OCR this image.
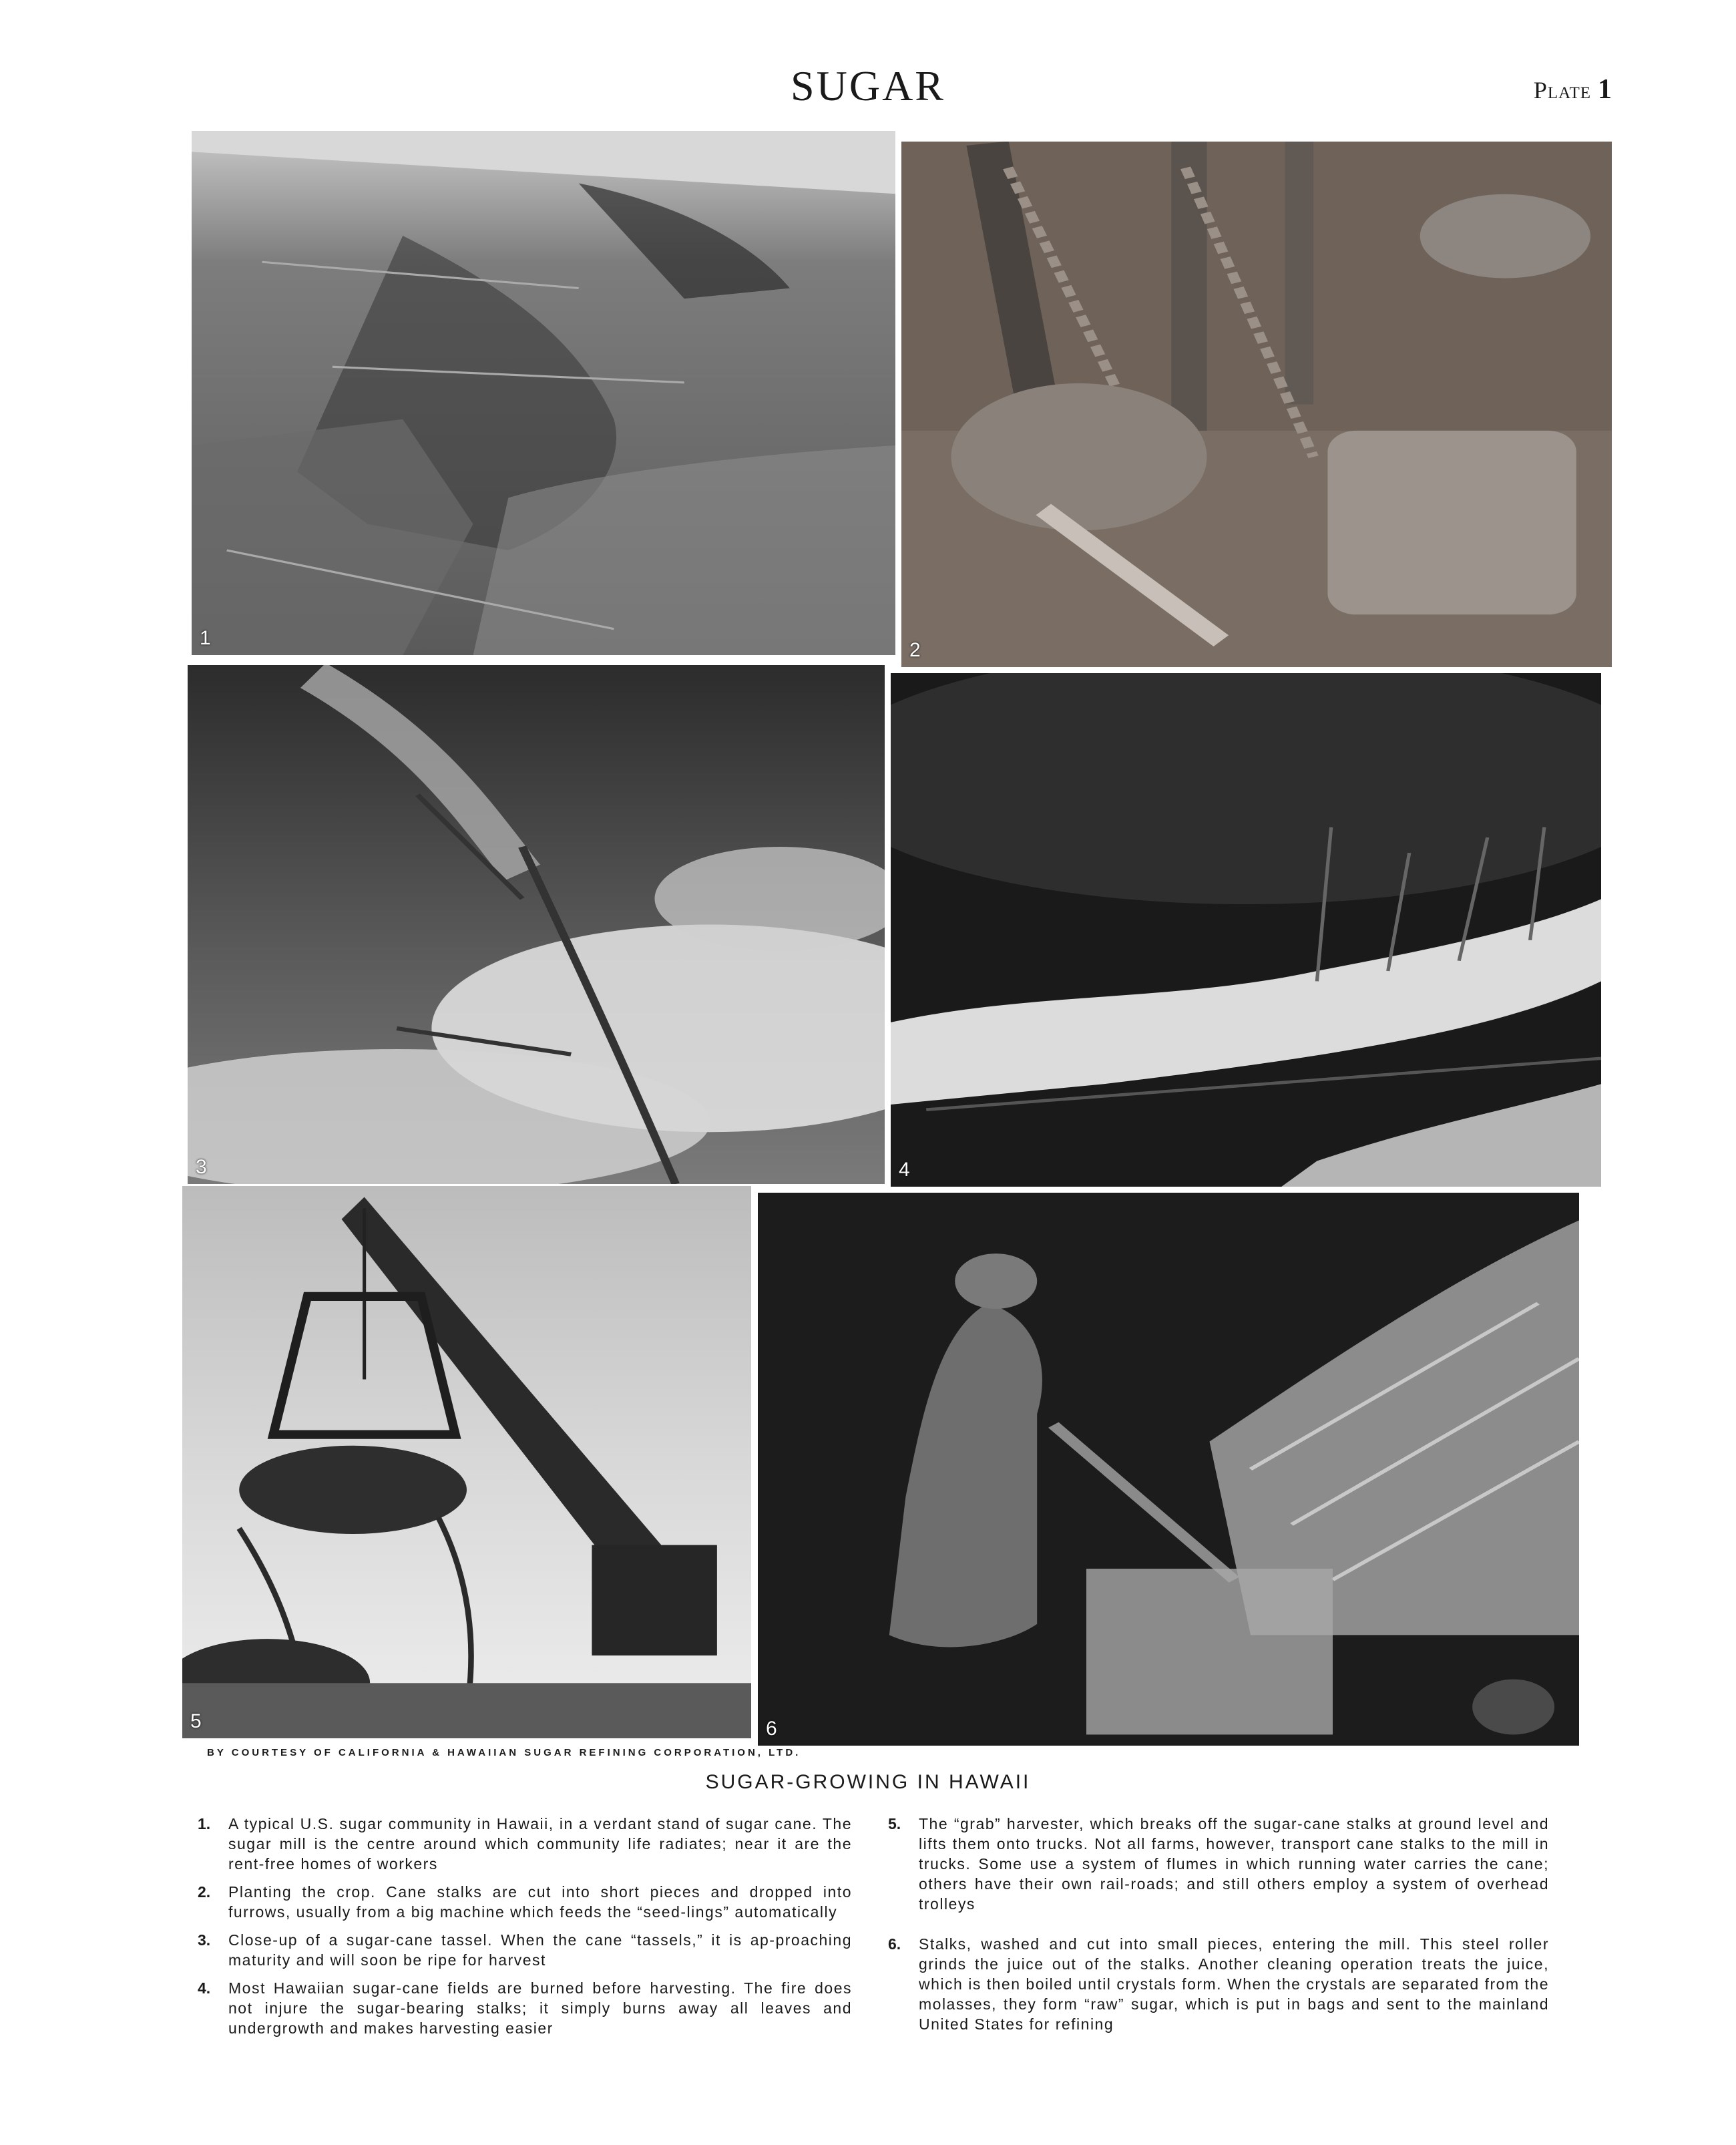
SUGAR	Plate 1
1
2
3	4
5	6
BY COURTESY OF CALIFORNIA & HAWAIIAN SUGAR REFINING CORPORATION, LTD.
SUGAR-GROWING IN HAWAII
1.	A typical U.S. sugar community in Hawaii, in a verdant stand of sugar cane. The sugar mill is the centre around which community life radiates; near it are the rent-free homes of workers
2.	Planting the crop. Cane stalks are cut into short pieces and dropped into furrows, usually from a big machine which feeds the “seed-lings” automatically
3.	Close-up of a sugar-cane tassel. When the cane “tassels,” it is ap-proaching maturity and will soon be ripe for harvest
4.	Most Hawaiian sugar-cane fields are burned before harvesting. The fire does not injure the sugar-bearing stalks; it simply burns away all leaves and undergrowth and makes harvesting easier
5.	The “grab” harvester, which breaks off the sugar-cane stalks at ground level and lifts them onto trucks. Not all farms, however, transport cane stalks to the mill in trucks. Some use a system of flumes in which running water carries the cane; others have their own rail-roads; and still others employ a system of overhead trolleys
6.	Stalks, washed and cut into small pieces, entering the mill. This steel roller grinds the juice out of the stalks. Another cleaning operation treats the juice, which is then boiled until crystals form. When the crystals are separated from the molasses, they form “raw” sugar, which is put in bags and sent to the mainland United States for refining
